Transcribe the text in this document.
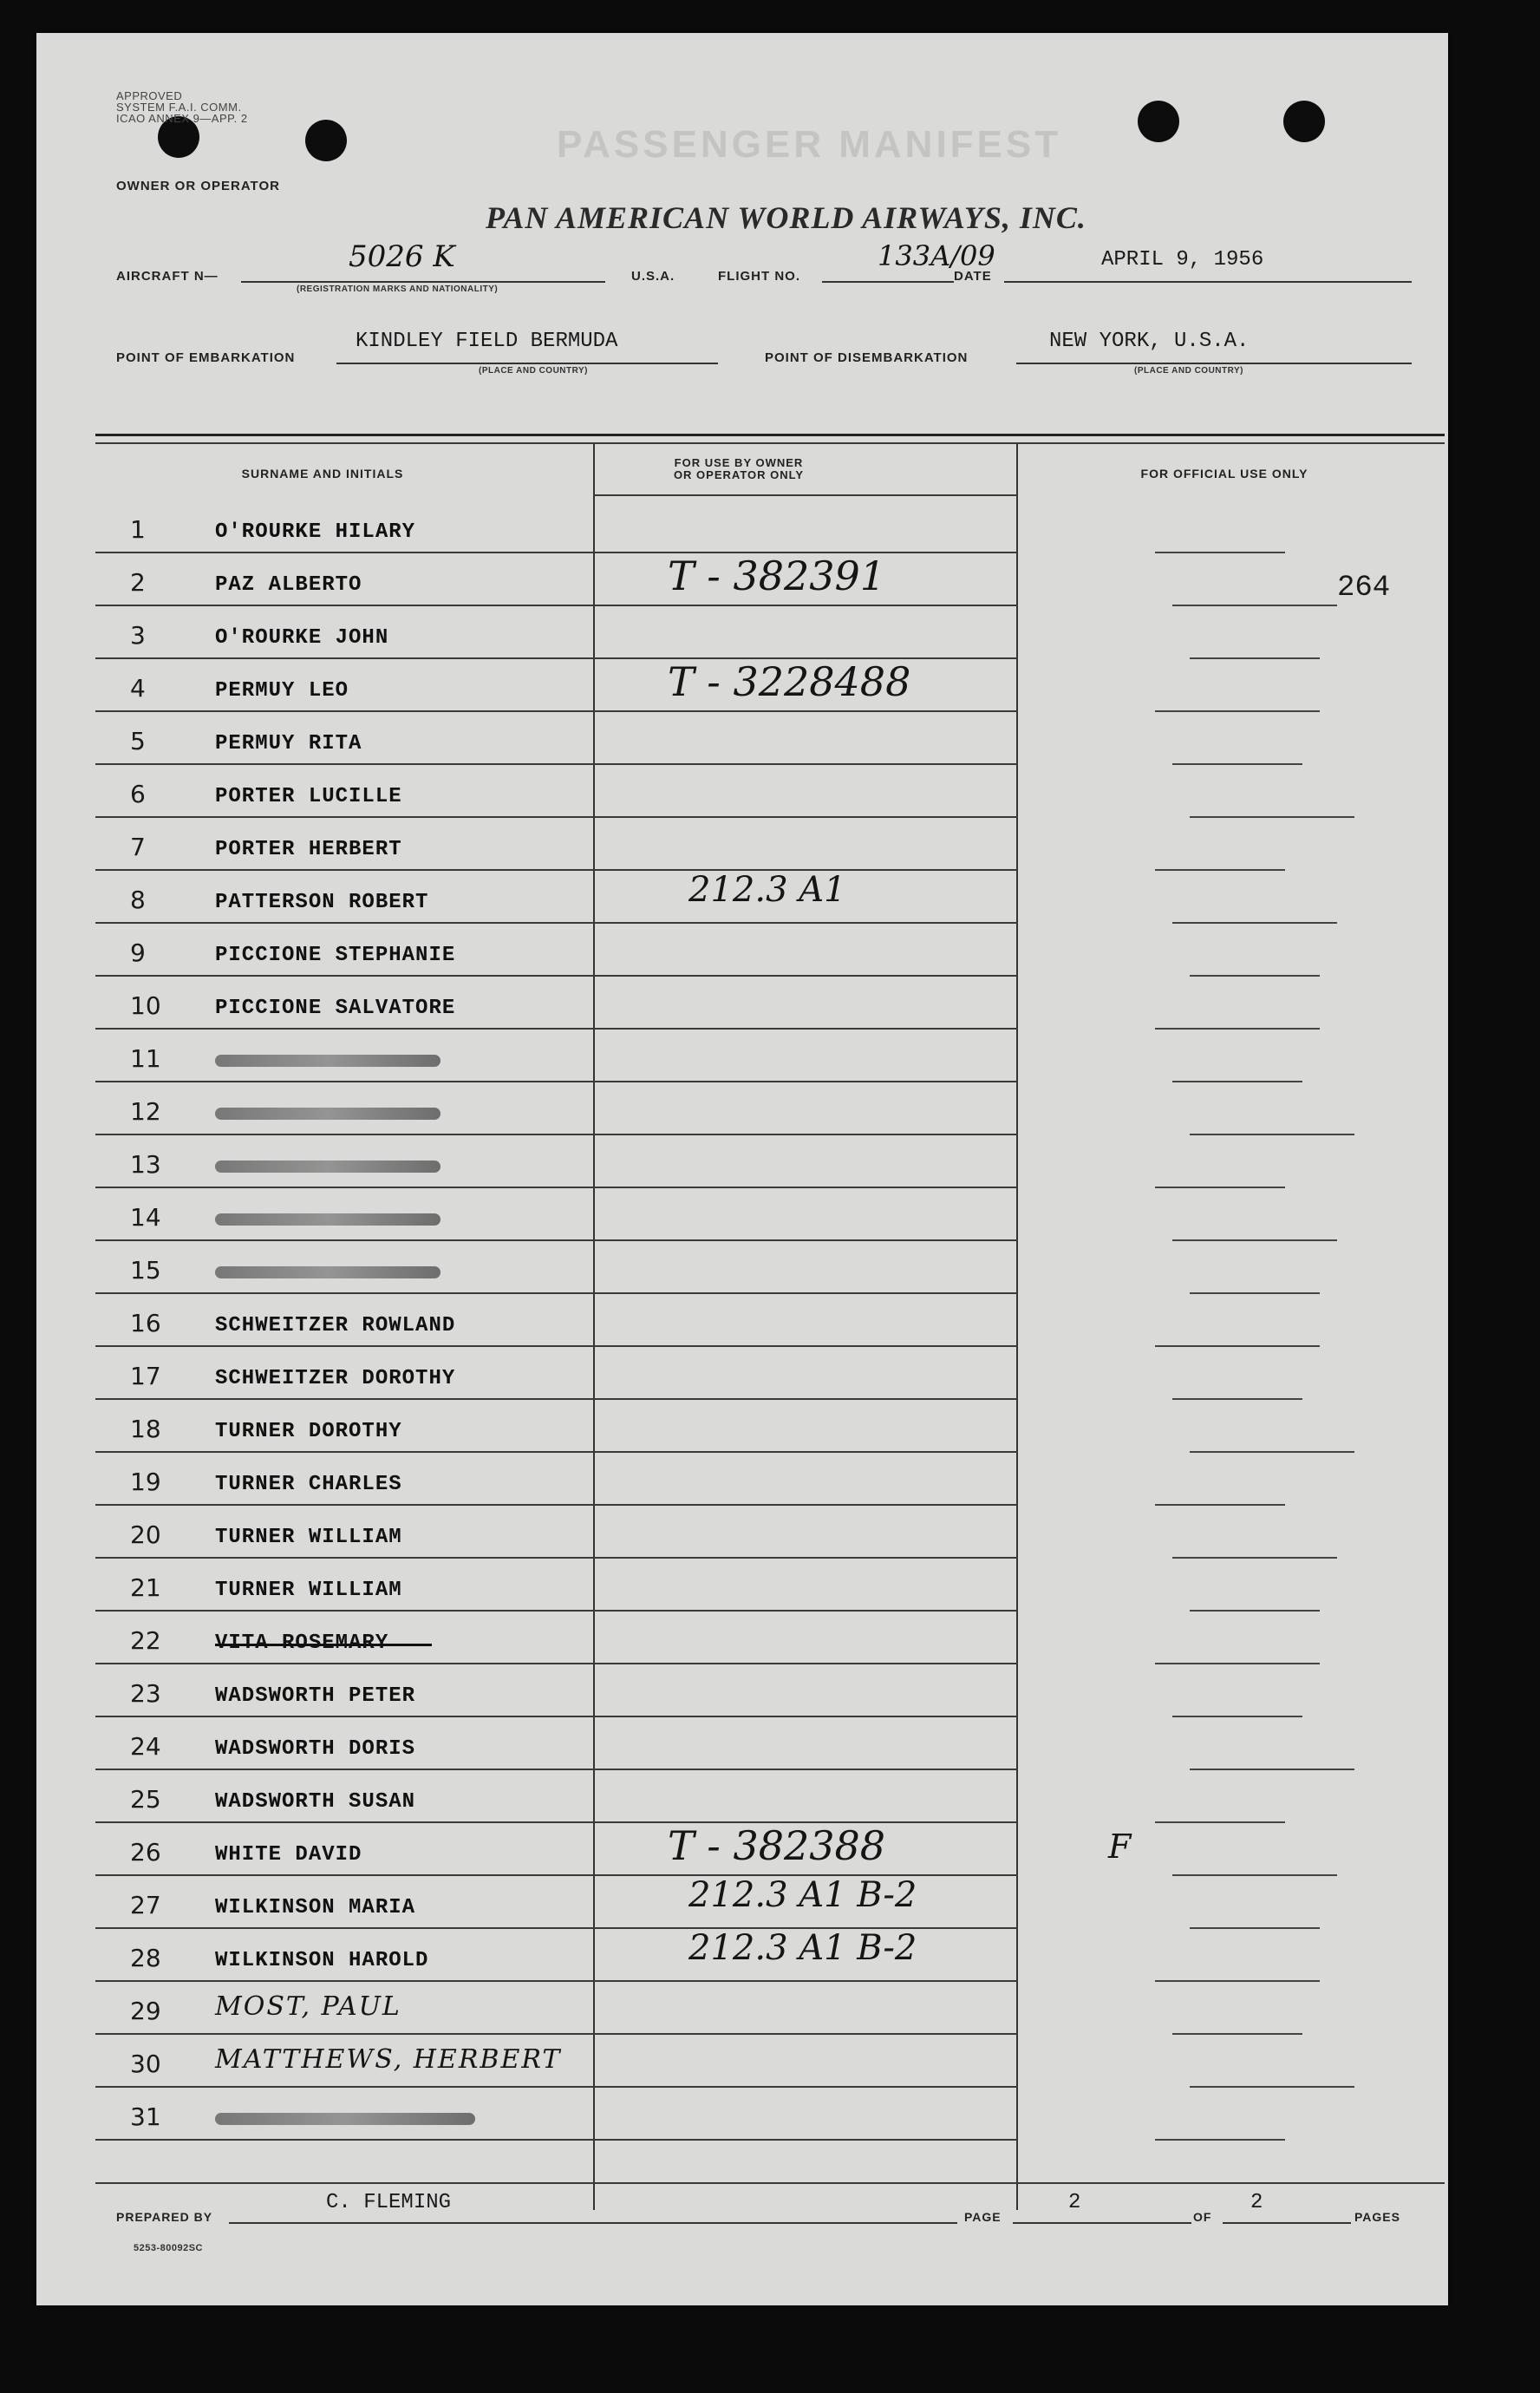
APPROVED
SYSTEM F.A.I. COMM.
ICAO ANNEX 9—APP. 2
PASSENGER MANIFEST
OWNER OR OPERATOR
PAN AMERICAN WORLD AIRWAYS, INC.
AIRCRAFT N—
5026 K
(REGISTRATION MARKS AND NATIONALITY)
U.S.A.	FLIGHT NO.
133A/09
DATE
APRIL 9, 1956
POINT OF EMBARKATION
KINDLEY FIELD BERMUDA
(PLACE AND COUNTRY)
POINT OF DISEMBARKATION
NEW YORK, U.S.A.
(PLACE AND COUNTRY)
SURNAME AND INITIALS
FOR USE BY OWNER
OR OPERATOR ONLY	FOR OFFICIAL USE ONLY
1	O'ROURKE HILARY
2	PAZ ALBERTO	T - 382391	264
3	O'ROURKE JOHN
4	PERMUY LEO	T - 3228488
5	PERMUY RITA
6	PORTER LUCILLE
7	PORTER HERBERT
8	PATTERSON ROBERT	212.3 A1
9	PICCIONE STEPHANIE
10	PICCIONE SALVATORE
11
12
13
14
15
16	SCHWEITZER ROWLAND
17	SCHWEITZER DOROTHY
18	TURNER DOROTHY
19	TURNER CHARLES
20	TURNER WILLIAM
21	TURNER WILLIAM
22
23	WADSWORTH PETER
24	WADSWORTH DORIS
25	WADSWORTH SUSAN
26	WHITE DAVID	T - 382388	F
27	WILKINSON MARIA	212.3 A1 B-2
28	WILKINSON HAROLD	212.3 A1 B-2
29 MOST, PAUL
30 MATTHEWS, HERBERT
31
PREPARED BY
C. FLEMING
PAGE
2
OF
2
PAGES
5253-80092SC
